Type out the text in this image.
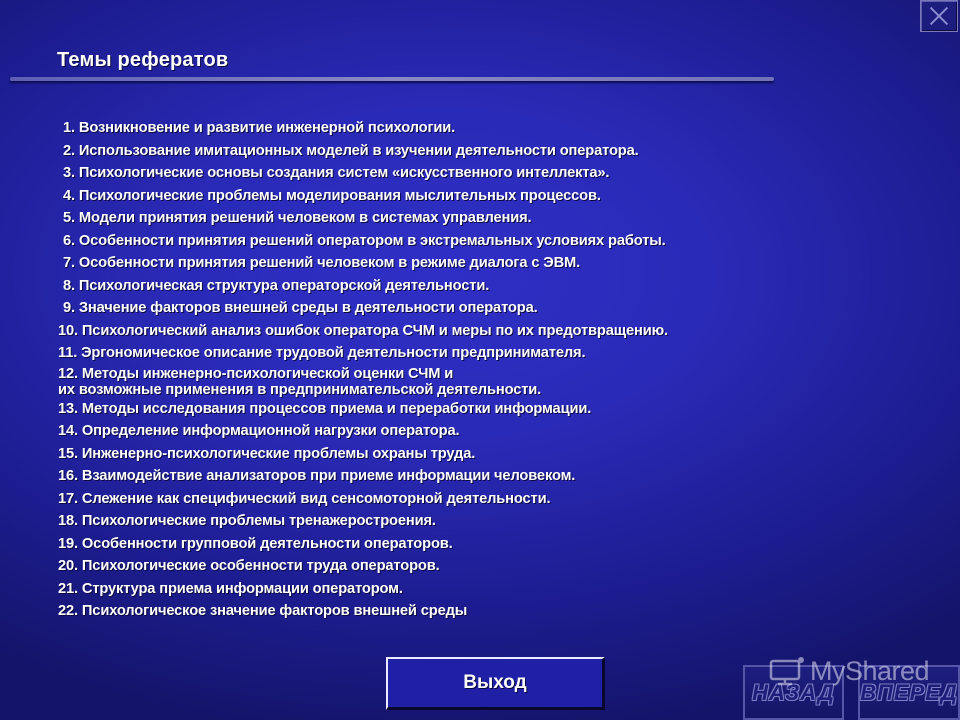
Темы рефератов
1. Возникновение и развитие инженерной психологии.
2. Использование имитационных моделей в изучении деятельности оператора.
3. Психологические основы создания систем «искусственного интеллекта».
4. Психологические проблемы моделирования мыслительных процессов.
5. Модели принятия решений человеком в системах управления.
6. Особенности принятия решений оператором в экстремальных условиях работы.
7. Особенности принятия решений человеком в режиме диалога с ЭВМ.
8. Психологическая структура операторской деятельности.
9. Значение факторов внешней среды в деятельности оператора.
10. Психологический анализ ошибок оператора СЧМ и меры по их предотвращению.
11. Эргономическое описание трудовой деятельности предпринимателя.
12. Методы инженерно-психологической оценки СЧМ и
их возможные применения в предпринимательской деятельности.
13. Методы исследования процессов приема и переработки информации.
14. Определение информационной нагрузки оператора.
15. Инженерно-психологические проблемы охраны труда.
16. Взаимодействие анализаторов при приеме информации человеком.
17. Слежение как специфический вид сенсомоторной деятельности.
18. Психологические проблемы тренажеростроения.
19. Особенности групповой деятельности операторов.
20. Психологические особенности труда операторов.
21. Структура приема информации оператором.
22. Психологическое значение факторов внешней среды
Выход	НАЗАД	ВПЕРЕД
MyShared
